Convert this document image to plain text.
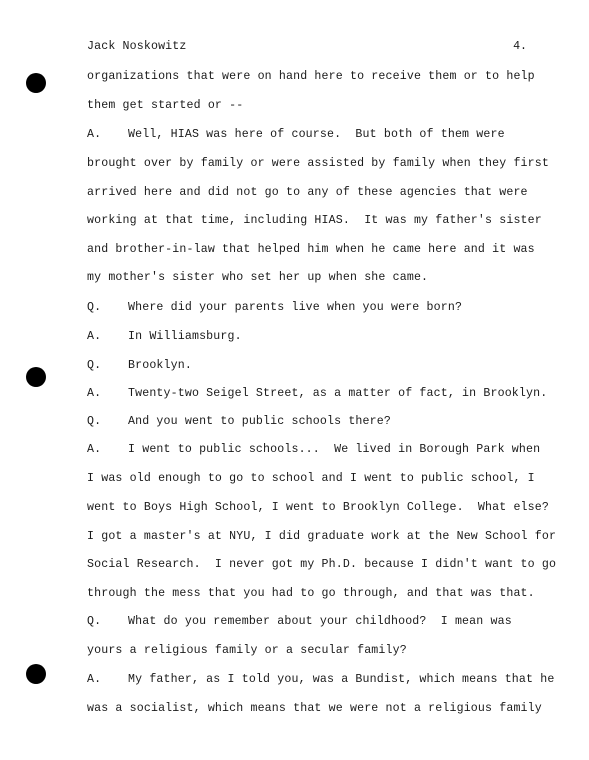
Jack Noskowitz	4.
organizations that were on hand here to receive them or to help
them get started or --
A. Well, HIAS was here of course.  But both of them were
brought over by family or were assisted by family when they first
arrived here and did not go to any of these agencies that were
working at that time, including HIAS.  It was my father's sister
and brother-in-law that helped him when he came here and it was
my mother's sister who set her up when she came.
Q. Where did your parents live when you were born?
A. In Williamsburg.
Q. Brooklyn.
A. Twenty-two Seigel Street, as a matter of fact, in Brooklyn.
Q. And you went to public schools there?
A. I went to public schools...  We lived in Borough Park when
I was old enough to go to school and I went to public school, I
went to Boys High School, I went to Brooklyn College.  What else?
I got a master's at NYU, I did graduate work at the New School for
Social Research.  I never got my Ph.D. because I didn't want to go
through the mess that you had to go through, and that was that.
Q. What do you remember about your childhood?  I mean was
yours a religious family or a secular family?
A. My father, as I told you, was a Bundist, which means that he
was a socialist, which means that we were not a religious family
